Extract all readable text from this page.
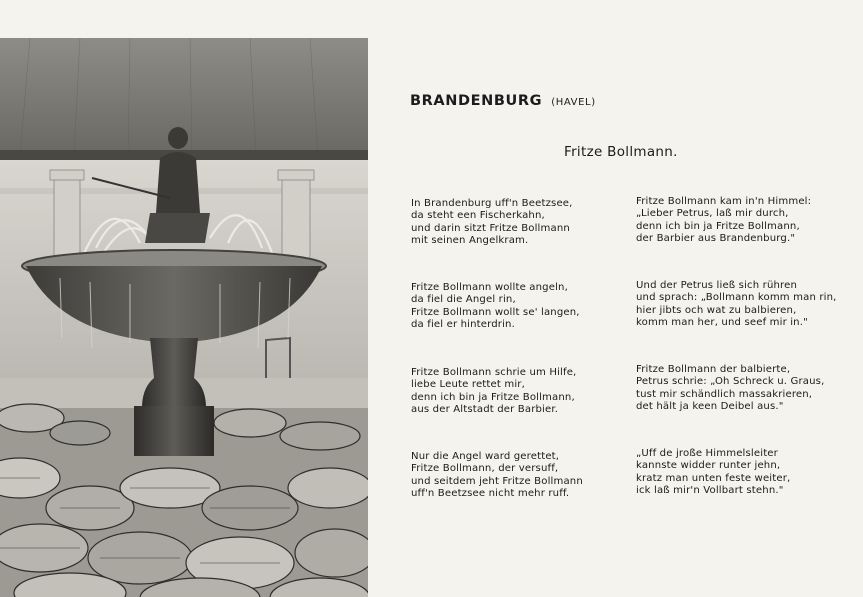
BRANDENBURG (HAVEL)
Fritze Bollmann.
In Brandenburg uff'n Beetzsee,
da steht een Fischerkahn,
und darin sitzt Fritze Bollmann
mit seinen Angelkram.
Fritze Bollmann wollte angeln,
da fiel die Angel rin,
Fritze Bollmann wollt se' langen,
da fiel er hinterdrin.
Fritze Bollmann schrie um Hilfe,
liebe Leute rettet mir,
denn ich bin ja Fritze Bollmann,
aus der Altstadt der Barbier.
Nur die Angel ward gerettet,
Fritze Bollmann, der versuff,
und seitdem jeht Fritze Bollmann
uff'n Beetzsee nicht mehr ruff.
Fritze Bollmann kam in'n Himmel:
„Lieber Petrus, laß mir durch,
denn ich bin ja Fritze Bollmann,
der Barbier aus Brandenburg."
Und der Petrus ließ sich rühren
und sprach: „Bollmann komm man rin,
hier jibts och wat zu balbieren,
komm man her, und seef mir in."
Fritze Bollmann der balbierte,
Petrus schrie: „Oh Schreck u. Graus,
tust mir schändlich massakrieren,
det hält ja keen Deibel aus."
„Uff de jroße Himmelsleiter
kannste widder runter jehn,
kratz man unten feste weiter,
ick laß mir'n Vollbart stehn."
